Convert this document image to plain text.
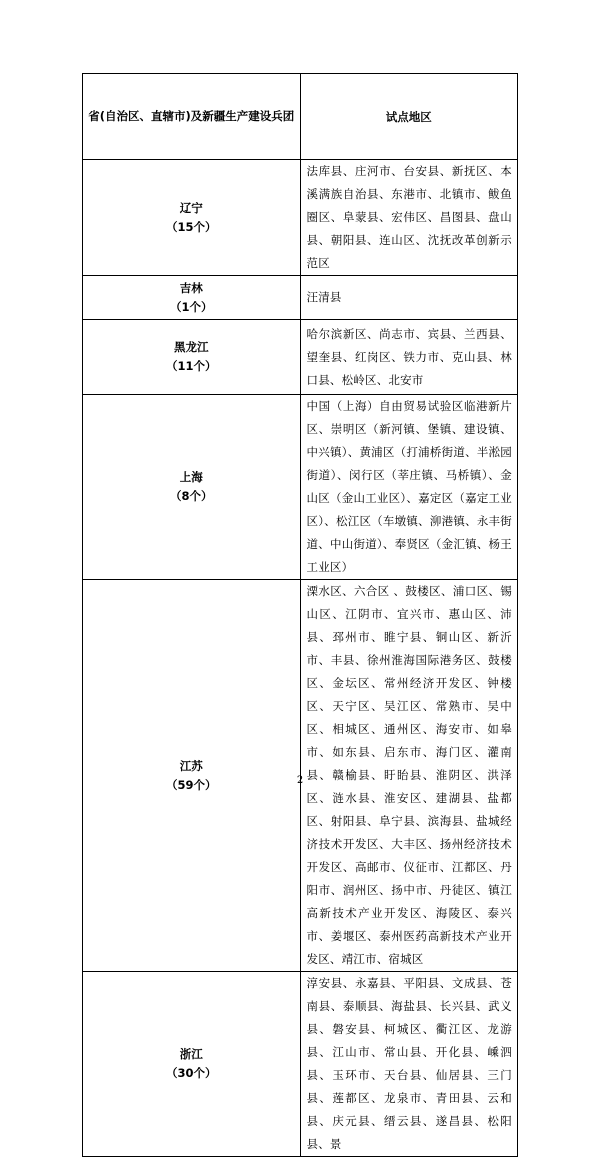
省(自治区、直辖市)及新疆生产建设兵团	试点地区
辽宁
（15个）	法库县、庄河市、台安县、新抚区、本溪满族自治县、东港市、北镇市、鲅鱼圈区、阜蒙县、宏伟区、昌图县、盘山县、朝阳县、连山区、沈抚改革创新示范区
吉林
（1个）	汪清县
黑龙江
（11个）	哈尔滨新区、尚志市、宾县、兰西县、望奎县、红岗区、铁力市、克山县、林口县、松岭区、北安市
上海
（8个）	中国（上海）自由贸易试验区临港新片区、崇明区（新河镇、堡镇、建设镇、中兴镇）、黄浦区（打浦桥街道、半淞园街道）、闵行区（莘庄镇、马桥镇）、金山区（金山工业区）、嘉定区（嘉定工业区）、松江区（车墩镇、泖港镇、永丰街道、中山街道）、奉贤区（金汇镇、杨王工业区）
江苏
（59个）	溧水区、六合区 、鼓楼区、浦口区、锡山区、江阴市、宜兴市、惠山区、沛县、邳州市、睢宁县、铜山区、新沂市、丰县、徐州淮海国际港务区、鼓楼区、金坛区、常州经济开发区、钟楼区、天宁区、吴江区、常熟市、吴中区、相城区、通州区、海安市、如皋市、如东县、启东市、海门区、灌南县、赣榆县、盱眙县、淮阴区、洪泽区、涟水县、淮安区、建湖县、盐都区、射阳县、阜宁县、滨海县、盐城经济技术开发区、大丰区、扬州经济技术开发区、高邮市、仪征市、江都区、丹阳市、润州区、扬中市、丹徒区、镇江高新技术产业开发区、海陵区、泰兴市、姜堰区、泰州医药高新技术产业开发区、靖江市、宿城区
浙江
（30个）	淳安县、永嘉县、平阳县、文成县、苍南县、泰顺县、海盐县、长兴县、武义县、磐安县、柯城区、衢江区、龙游县、江山市、常山县、开化县、嵊泗县、玉环市、天台县、仙居县、三门县、莲都区、龙泉市、青田县、云和县、庆元县、缙云县、遂昌县、松阳县、景
2
